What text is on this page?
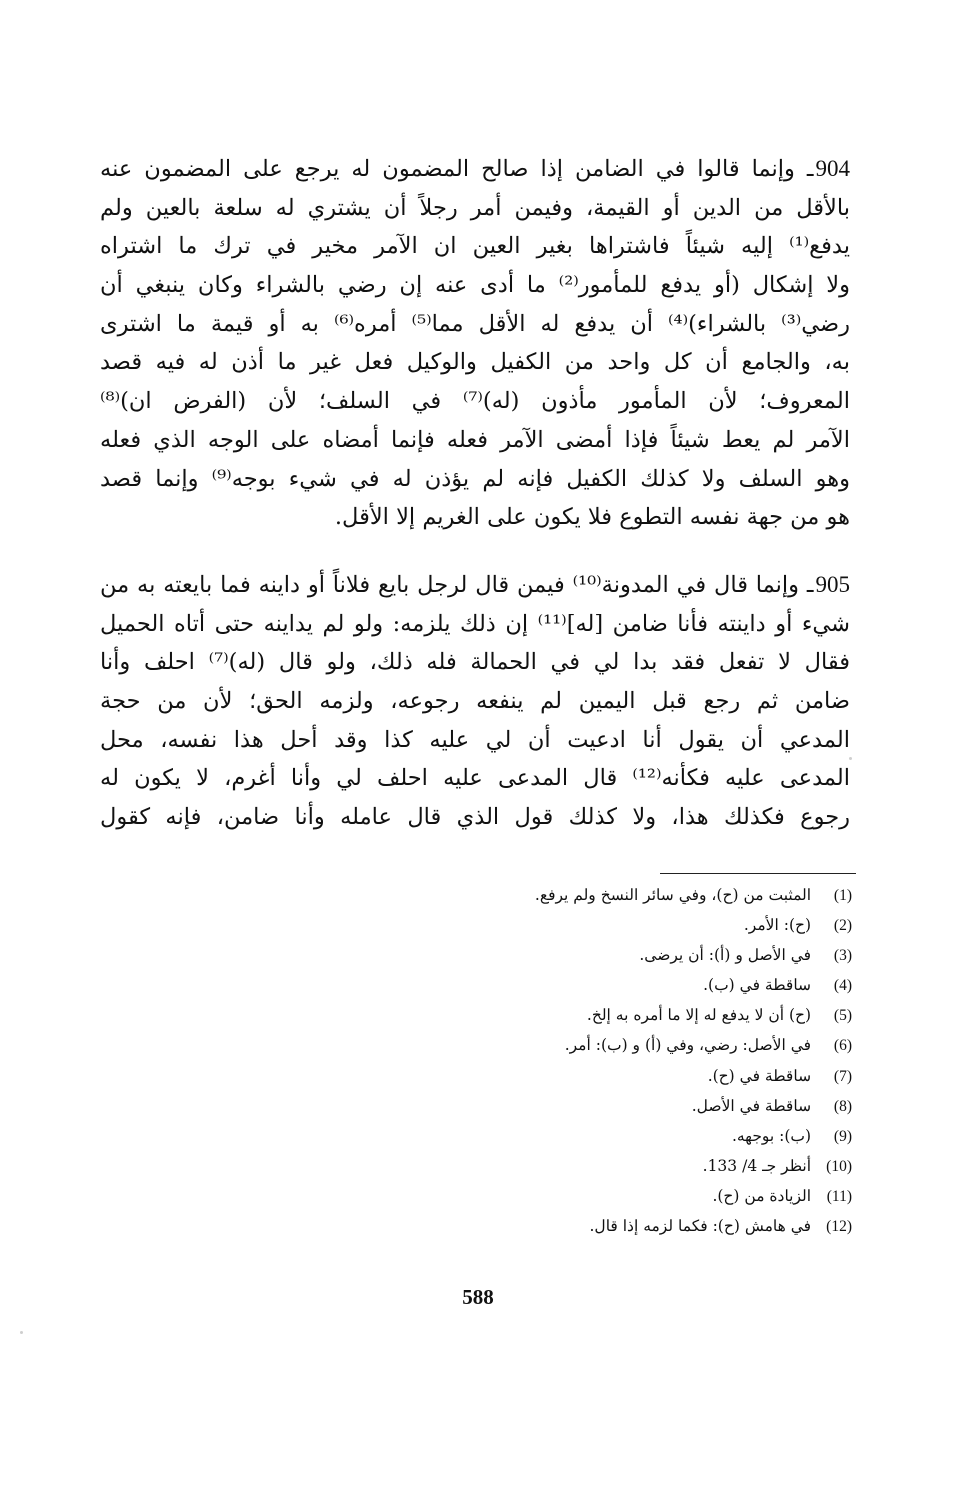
904ـ وإنما قالوا في الضامن إذا صالح المضمون له يرجع على المضمون عنه
بالأقل من الدين أو القيمة، وفيمن أمر رجلاً أن يشتري له سلعة بالعين ولم
يدفع⁽¹⁾ إليه شيئاً فاشتراها بغير العين ان الآمر مخير في ترك ما اشتراه
ولا إشكال (أو يدفع للمأمور⁽²⁾ ما أدى عنه إن رضي بالشراء وكان ينبغي أن
رضي⁽³⁾ بالشراء)⁽⁴⁾ أن يدفع له الأقل مما⁽⁵⁾ أمره⁽⁶⁾ به أو قيمة ما اشترى
به، والجامع أن كل واحد من الكفيل والوكيل فعل غير ما أذن له فيه قصد
المعروف؛ لأن المأمور مأذون (له)⁽⁷⁾ في السلف؛ لأن (الفرض ان)⁽⁸⁾
الآمر لم يعط شيئاً فإذا أمضى الآمر فعله فإنما أمضاه على الوجه الذي فعله
وهو السلف ولا كذلك الكفيل فإنه لم يؤذن له في شيء بوجه⁽⁹⁾ وإنما قصد
هو من جهة نفسه التطوع فلا يكون على الغريم إلا الأقل.
905ـ وإنما قال في المدونة⁽¹⁰⁾ فيمن قال لرجل بايع فلاناً أو داينه فما بايعته به من
شيء أو داينته فأنا ضامن [له]⁽¹¹⁾ إن ذلك يلزمه: ولو لم يداينه حتى أتاه الحميل
فقال لا تفعل فقد بدا لي في الحمالة فله ذلك، ولو قال (له)⁽⁷⁾ احلف وأنا
ضامن ثم رجع قبل اليمين لم ينفعه رجوعه، ولزمه الحق؛ لأن من حجة
المدعي أن يقول أنا ادعيت أن لي عليه كذا وقد أحل هذا نفسه، محل
المدعى عليه فكأنه⁽¹²⁾ قال المدعى عليه احلف لي وأنا أغرم، لا يكون له
رجوع فكذلك هذا، ولا كذلك قول الذي قال عامله وأنا ضامن، فإنه كقول
(1) المثبت من (ح)، وفي سائر النسخ ولم يرفع.
(2) (ح): الأمر.
(3) في الأصل و (أ): أن يرضى.
(4) ساقطة في (ب).
(5) (ح) أن لا يدفع له إلا ما أمره به إلخ.
(6) في الأصل: رضي، وفي (أ) و (ب): أمر.
(7) ساقطة في (ح).
(8) ساقطة في الأصل.
(9) (ب): بوجهه.
(10) أنظر جـ 4/ 133.
(11) الزيادة من (ح).
(12) في هامش (ح): فكما لزمه إذا قال.
588
